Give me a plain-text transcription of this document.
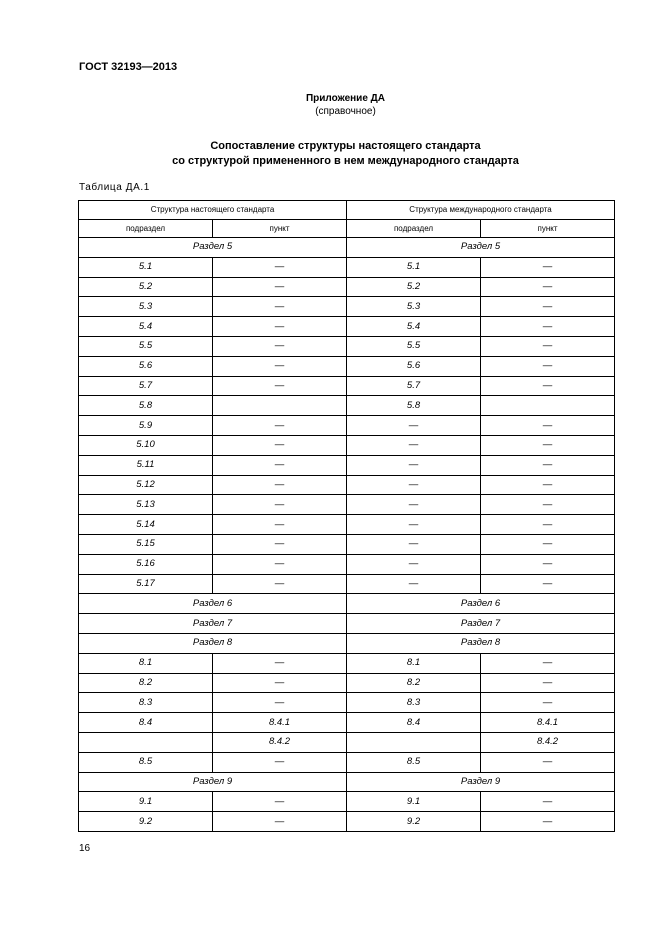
ГОСТ 32193—2013
Приложение ДА
(справочное)
Сопоставление структуры настоящего стандарта
со структурой примененного в нем международного стандарта
Таблица ДА.1
Структура настоящего стандарта		Структура международного стандарта	
подраздел	пункт	подраздел	пункт
Раздел 5		Раздел 5	
5.1	—	5.1	—
5.2	—	5.2	—
5.3	—	5.3	—
5.4	—	5.4	—
5.5	—	5.5	—
5.6	—	5.6	—
5.7	—	5.7	—
5.8		5.8	
5.9	—	—	—
5.10	—	—	—
5.11	—	—	—
5.12	—	—	—
5.13	—	—	—
5.14	—	—	—
5.15	—	—	—
5.16	—	—	—
5.17	—	—	—
Раздел 6		Раздел 6	
Раздел 7		Раздел 7	
Раздел 8		Раздел 8	
8.1	—	8.1	—
8.2	—	8.2	—
8.3	—	8.3	—
8.4	8.4.1	8.4	8.4.1
	8.4.2		8.4.2
8.5	—	8.5	—
Раздел 9		Раздел 9	
9.1	—	9.1	—
9.2	—	9.2	—
16
